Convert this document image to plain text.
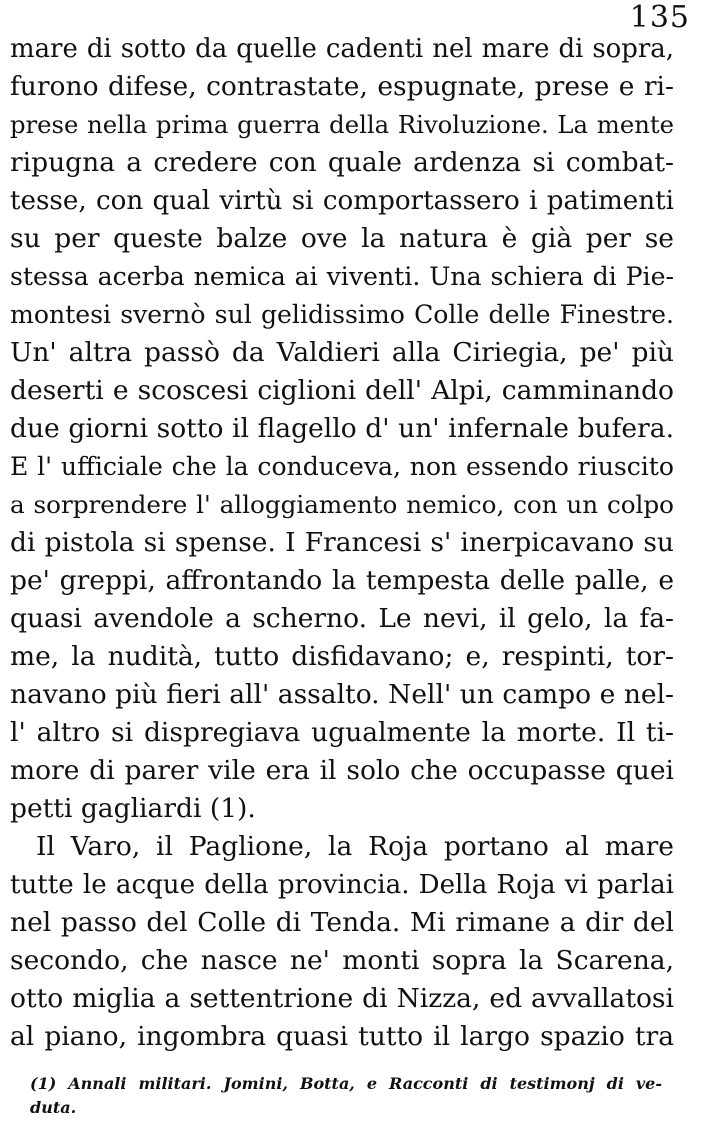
135
mare di sotto da quelle cadenti nel mare di sopra,
furono difese, contrastate, espugnate, prese e ri-
prese nella prima guerra della Rivoluzione. La mente
ripugna a credere con quale ardenza si combat-
tesse, con qual virtù si comportassero i patimenti
su per queste balze ove la natura è già per se
stessa acerba nemica ai viventi. Una schiera di Pie-
montesi svernò sul gelidissimo Colle delle Finestre.
Un' altra passò da Valdieri alla Ciriegia, pe' più
deserti e scoscesi ciglioni dell' Alpi, camminando
due giorni sotto il flagello d' un' infernale bufera.
E l' ufficiale che la conduceva, non essendo riuscito
a sorprendere l' alloggiamento nemico, con un colpo
di pistola si spense. I Francesi s' inerpicavano su
pe' greppi, affrontando la tempesta delle palle, e
quasi avendole a scherno. Le nevi, il gelo, la fa-
me, la nudità, tutto disfidavano; e, respinti, tor-
navano più fieri all' assalto. Nell' un campo e nel-
l' altro si dispregiava ugualmente la morte. Il ti-
more di parer vile era il solo che occupasse quei
petti gagliardi (1).
Il Varo, il Paglione, la Roja portano al mare
tutte le acque della provincia. Della Roja vi parlai
nel passo del Colle di Tenda. Mi rimane a dir del
secondo, che nasce ne' monti sopra la Scarena,
otto miglia a settentrione di Nizza, ed avvallatosi
al piano, ingombra quasi tutto il largo spazio tra
(1) Annali militari. Jomini, Botta, e Racconti di testimonj di ve-
duta.
